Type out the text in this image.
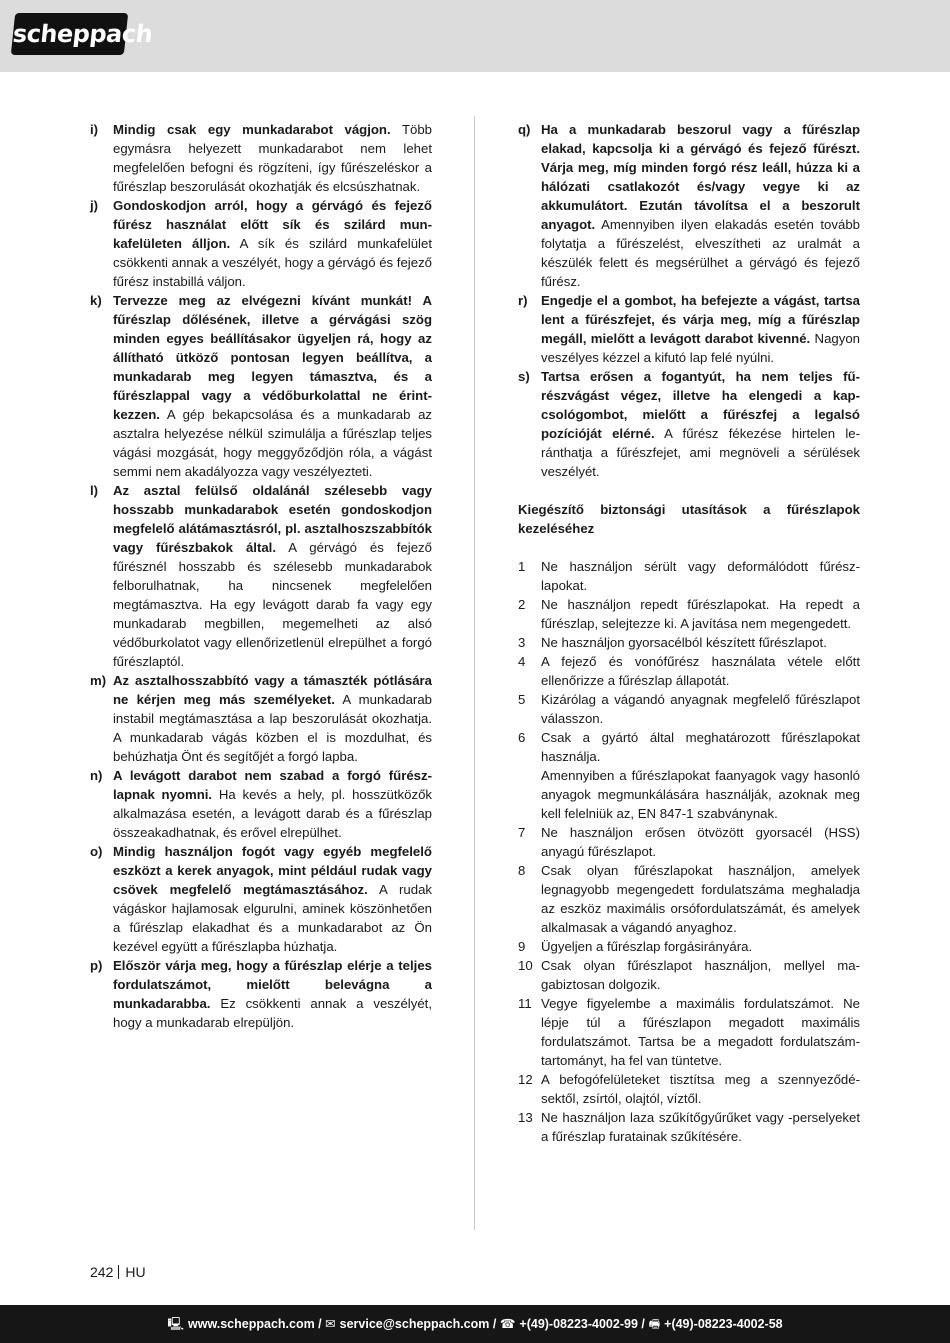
scheppach
i)	Mindig csak egy munkadarabot vágjon. Több egymásra helyezett munkadarabot nem lehet megfelelően befogni és rögzíteni, így fűrészeléskor a fűrészlap beszorulását okozhatják és elcsúszhatnak.
j)	Gondoskodjon arról, hogy a gérvágó és fejező fűrész használat előtt sík és szilárd munkafelületen álljon. A sík és szilárd munkafelület csökkenti annak a veszélyét, hogy a gérvágó és fejező fűrész instabillá váljon.
k) Tervezze meg az elvégezni kívánt munkát! A fűrészlap dőlésének, illetve a gérvágási szög minden egyes beállításakor ügyeljen rá, hogy az állítható ütköző pontosan legyen beállítva, a munkadarab meg legyen támasztva, és a fűrészlappal vagy a védőburkolattal ne érintkezzen. A gép bekapcsolása és a munkadarab az asztalra helyezése nélkül szimulálja a fűrészlap teljes vágási mozgását, hogy meggyőződjön róla, a vágást semmi nem akadályozza vagy veszélyezteti.
l)	Az asztal felülső oldalánál szélesebb vagy hosszabb munkadarabok esetén gondoskodjon megfelelő alátámasztásról, pl. asztalhoszszabbítók vagy fűrészbakok által. A gérvágó és fejező fűrésznél hosszabb és szélesebb munkadarabok felborulhatnak, ha nincsenek megfelelően megtámasztva. Ha egy levágott darab fa vagy egy munkadarab megbillen, megemelheti az alsó védőburkolatot vagy ellenőrizetlenül elrepülhet a forgó fűrészlaptól.
m) Az asztalhosszabbító vagy a támaszték pótlására ne kérjen meg más személyeket. A munkadarab instabil megtámasztása a lap beszorulását okozhatja. A munkadarab vágás közben el is mozdulhat, és behúzhatja Önt és segítőjét a forgó lapba.
n) A levágott darabot nem szabad a forgó fűrészlapnak nyomni. Ha kevés a hely, pl. hosszütközők alkalmazása esetén, a levágott darab és a fűrészlap összeakadhatnak, és erővel elrepülhet.
o) Mindig használjon fogót vagy egyéb megfelelő eszközt a kerek anyagok, mint például rudak vagy csövek megfelelő megtámasztásához. A rudak vágáskor hajlamosak elgurulni, aminek köszönhetően a fűrészlap elakadhat és a munkadarabot az Ön kezével együtt a fűrészlapba húzhatja.
p) Először várja meg, hogy a fűrészlap elérje a teljes fordulatszámot, mielőtt belevágna a munkadarabba. Ez csökkenti annak a veszélyét, hogy a munkadarab elrepüljön.
q) Ha a munkadarab beszorul vagy a fűrészlap elakad, kapcsolja ki a gérvágó és fejező fűrészt. Várja meg, míg minden forgó rész leáll, húzza ki a hálózati csatlakozót és/vagy vegye ki az akkumulátort. Ezután távolítsa el a beszorult anyagot. Amennyiben ilyen elakadás esetén tovább folytatja a fűrészelést, elveszítheti az uralmát a készülék felett és megsérülhet a gérvágó és fejező fűrész.
r)	Engedje el a gombot, ha befejezte a vágást, tartsa lent a fűrészfejet, és várja meg, míg a fűrészlap megáll, mielőtt a levágott darabot kivenné. Nagyon veszélyes kézzel a kifutó lap felé nyúlni.
s) Tartsa erősen a fogantyút, ha nem teljes fűrészvágást végez, illetve ha elengedi a kapcsológombot, mielőtt a fűrészfej a legalsó pozícióját elérné. A fűrész fékezése hirtelen leránthatja a fűrészfejet, ami megnöveli a sérülések veszélyét.
Kiegészítő biztonsági utasítások a fűrészlapok kezeléséhez
1	Ne használjon sérült vagy deformálódott fűrészlapokat.
2	Ne használjon repedt fűrészlapokat. Ha repedt a fűrészlap, selejtezze ki. A javítása nem megengedett.
3	Ne használjon gyorsacélból készített fűrészlapot.
4	A fejező és vonófűrész használata vétele előtt ellenőrizze a fűrészlap állapotát.
5	Kizárólag a vágandó anyagnak megfelelő fűrészlapot válasszon.
6	Csak a gyártó által meghatározott fűrészlapokat használja.
Amennyiben a fűrészlapokat faanyagok vagy hasonló anyagok megmunkálására használják, azoknak meg kell felelniük az, EN 847-1 szabványnak.
7	Ne használjon erősen ötvözött gyorsacél (HSS) anyagú fűrészlapot.
8	Csak olyan fűrészlapokat használjon, amelyek legnagyobb megengedett fordulatszáma meghaladja az eszköz maximális orsófordulatszámát, és amelyek alkalmasak a vágandó anyaghoz.
9	Ügyeljen a fűrészlap forgásirányára.
10 Csak olyan fűrészlapot használjon, mellyel magabiztosan dolgozik.
11 Vegye figyelembe a maximális fordulatszámot. Ne lépje túl a fűrészlapon megadott maximális fordulatszámot. Tartsa be a megadott fordulatszám-tartományt, ha fel van tüntetve.
12 A befogófelületeket tisztítsa meg a szennyeződésektől, zsírtól, olajtól, víztől.
13 Ne használjon laza szűkítőgyűrűket vagy -perselyeket a fűrészlap furatainak szűkítésére.
242 HU
🖳 www.scheppach.com / ✉ service@scheppach.com / ☎ +(49)-08223-4002-99 / 🖷 +(49)-08223-4002-58
